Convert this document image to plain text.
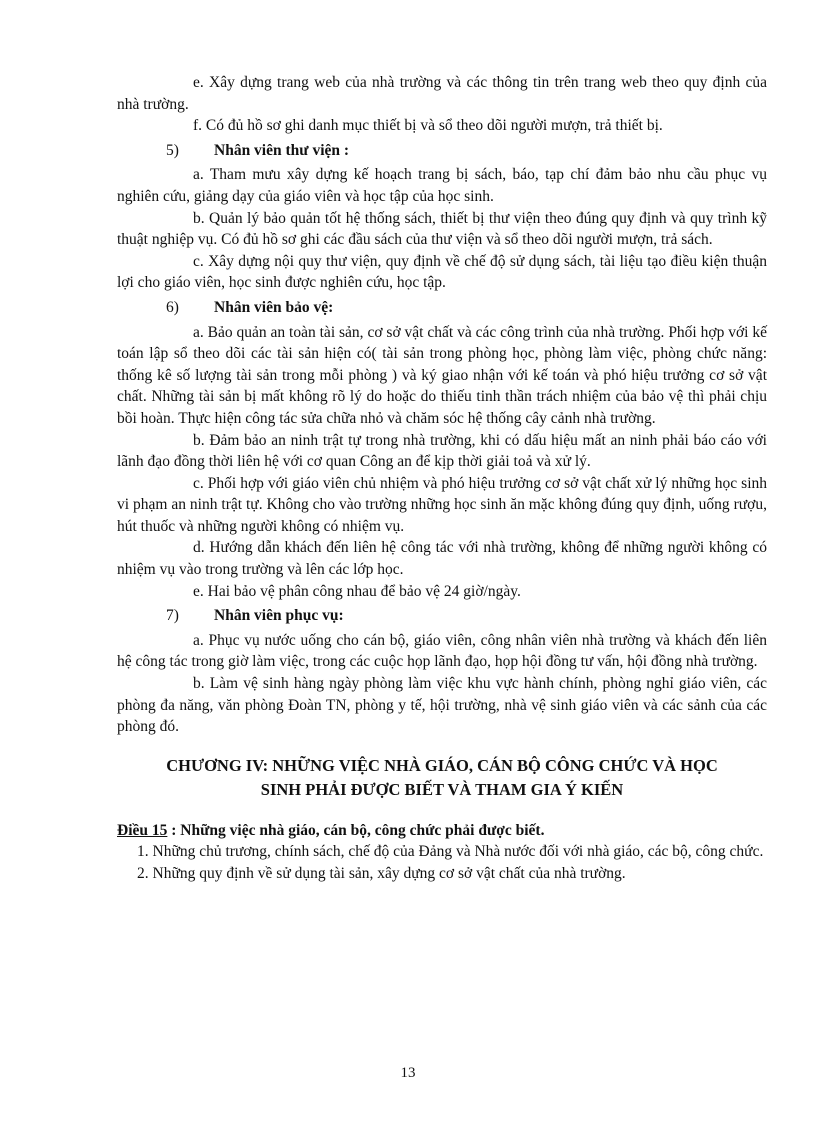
e. Xây dựng trang web của nhà trường và các thông tin trên trang web theo quy định của nhà trường.

f. Có đủ hồ sơ ghi danh mục thiết bị và sổ theo dõi người mượn, trả thiết bị.

5) Nhân viên thư viện :

a. Tham mưu xây dựng kế hoạch trang bị sách, báo, tạp chí đảm bảo nhu cầu phục vụ nghiên cứu, giảng dạy của giáo viên và học tập của học sinh.

b. Quản lý bảo quản tốt hệ thống sách, thiết bị thư viện theo đúng quy định và quy trình kỹ thuật nghiệp vụ. Có đủ hồ sơ ghi các đầu sách của thư viện và sổ theo dõi người mượn, trả sách.

c. Xây dựng nội quy thư viện, quy định về chế độ sử dụng sách, tài liệu tạo điều kiện thuận lợi cho giáo viên, học sinh được nghiên cứu, học tập.

6) Nhân viên bảo vệ:

a. Bảo quản an toàn tài sản, cơ sở vật chất và các công trình của nhà trường. Phối hợp với kế toán lập sổ theo dõi các tài sản hiện có( tài sản trong phòng học, phòng làm việc, phòng chức năng: thống kê số lượng tài sản trong mỗi phòng ) và ký giao nhận với kế toán và phó hiệu trưởng cơ sở vật chất. Những tài sản bị mất không rõ lý do hoặc do thiếu tinh thần trách nhiệm của bảo vệ thì phải chịu bồi hoàn. Thực hiện công tác sửa chữa nhỏ và chăm sóc hệ thống cây cảnh nhà trường.

b. Đảm bảo an ninh trật tự trong nhà trường, khi có dấu hiệu mất an ninh phải báo cáo với lãnh đạo đồng thời liên hệ với cơ quan Công an để kịp thời giải toả và xử lý.

c. Phối hợp với giáo viên chủ nhiệm và phó hiệu trưởng cơ sở vật chất xử lý những học sinh vi phạm an ninh trật tự. Không cho vào trường những học sinh ăn mặc không đúng quy định, uống rượu, hút thuốc và những người không có nhiệm vụ.

d. Hướng dẫn khách đến liên hệ công tác với nhà trường, không để những người không có nhiệm vụ vào trong trường và lên các lớp học.

e. Hai bảo vệ phân công nhau để bảo vệ 24 giờ/ngày.

7) Nhân viên phục vụ:

a. Phục vụ nước uống cho cán bộ, giáo viên, công nhân viên nhà trường và khách đến liên hệ công tác trong giờ làm việc, trong các cuộc họp lãnh đạo, họp hội đồng tư vấn, hội đồng nhà trường.

b. Làm vệ sinh hàng ngày phòng làm việc khu vực hành chính, phòng nghỉ giáo viên, các phòng đa năng, văn phòng Đoàn TN, phòng y tế, hội trường, nhà vệ sinh giáo viên và các sảnh của các phòng đó.

CHƯƠNG IV: NHỮNG VIỆC NHÀ GIÁO, CÁN BỘ CÔNG CHỨC VÀ HỌC
SINH PHẢI ĐƯỢC BIẾT VÀ THAM GIA Ý KIẾN

Điều 15 : Những việc nhà giáo, cán bộ, công chức phải được biết.

1. Những chủ trương, chính sách, chế độ của Đảng và Nhà nước đối với nhà giáo, các bộ, công chức.

2. Những quy định về sử dụng tài sản, xây dựng cơ sở vật chất của nhà trường.

13
